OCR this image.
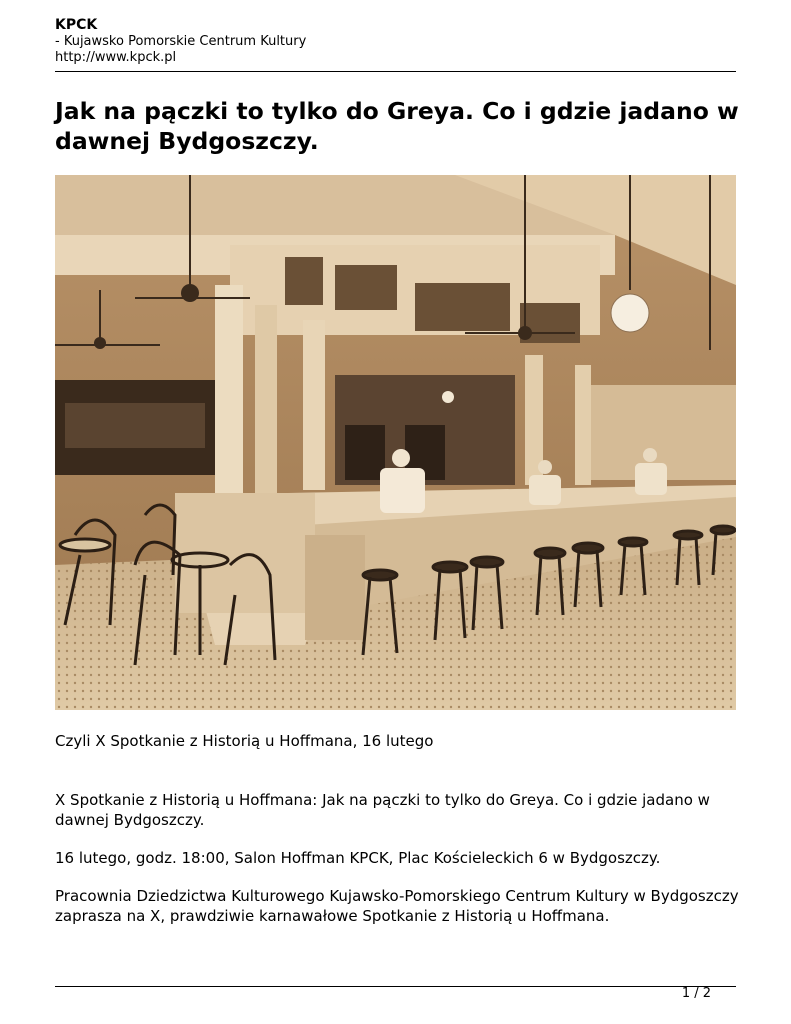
KPCK
- Kujawsko Pomorskie Centrum Kultury
http://www.kpck.pl
Jak na pączki to tylko do Greya. Co i gdzie jadano w dawnej Bydgoszczy.

Czyli X Spotkanie z Historią u Hoffmana, 16 lutego

X Spotkanie z Historią u Hoffmana: Jak na pączki to tylko do Greya. Co i gdzie jadano w dawnej Bydgoszczy.

16 lutego, godz. 18:00, Salon Hoffman KPCK, Plac Kościeleckich 6 w Bydgoszczy.

Pracownia Dziedzictwa Kulturowego Kujawsko-Pomorskiego Centrum Kultury w Bydgoszczy zaprasza na X, prawdziwie karnawałowe Spotkanie z Historią u Hoffmana.

1 / 2
